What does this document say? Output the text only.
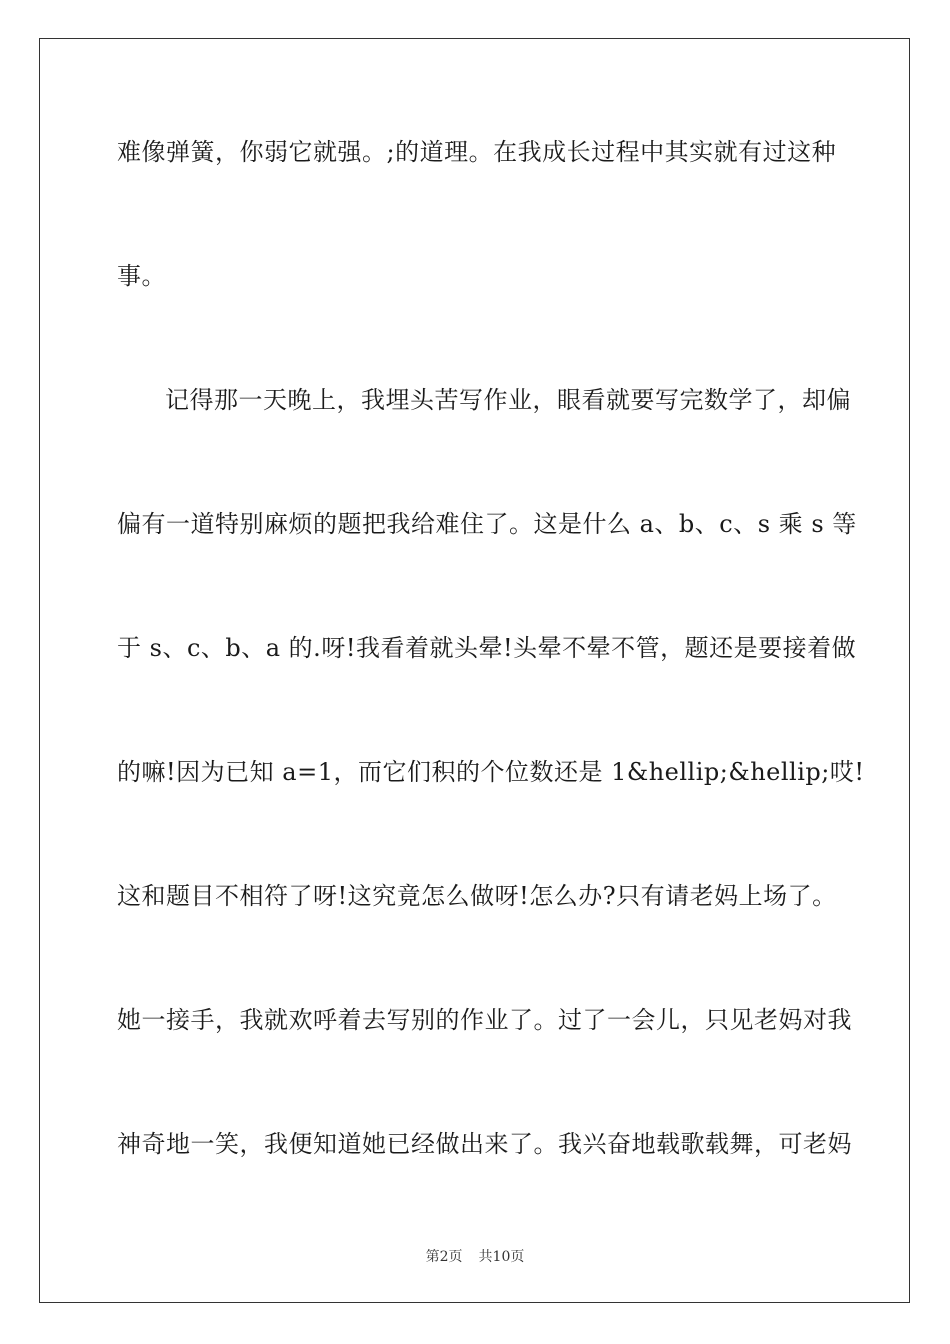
难像弹簧，你弱它就强。;的道理。在我成长过程中其实就有过这种
事。
记得那一天晚上，我埋头苦写作业，眼看就要写完数学了，却偏
偏有一道特别麻烦的题把我给难住了。这是什么 a、b、c、s 乘 s 等
于 s、c、b、a 的.呀!我看着就头晕!头晕不晕不管，题还是要接着做
的嘛!因为已知 a=1，而它们积的个位数还是 1&hellip;&hellip;哎!
这和题目不相符了呀!这究竟怎么做呀!怎么办?只有请老妈上场了。
她一接手，我就欢呼着去写别的作业了。过了一会儿，只见老妈对我
神奇地一笑，我便知道她已经做出来了。我兴奋地载歌载舞，可老妈
第2页 共10页
